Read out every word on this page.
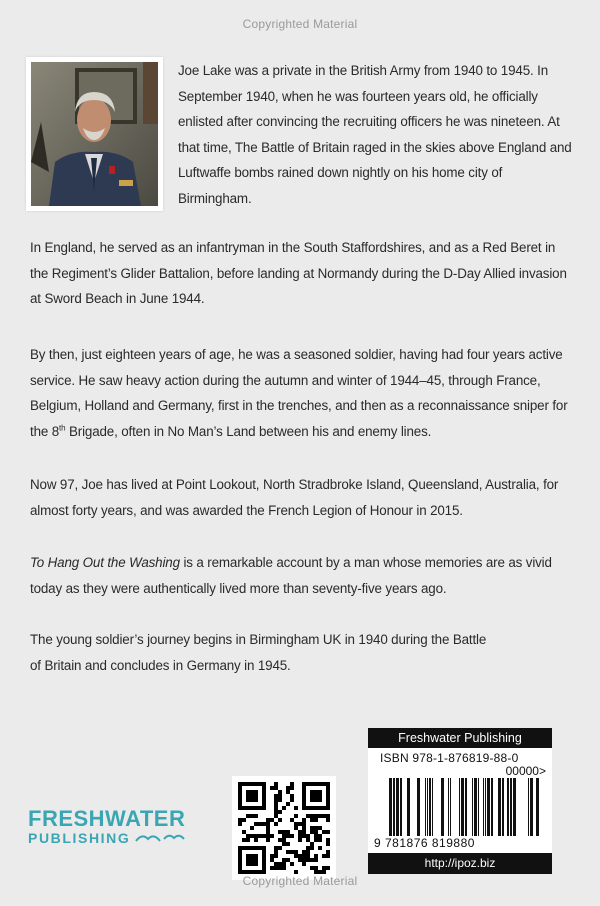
Copyrighted Material
Joe Lake was a private in the British Army from 1940 to 1945. In September 1940, when he was fourteen years old, he officially enlisted after convincing the recruiting officers he was nineteen. At that time, The Battle of Britain raged in the skies above England and Luftwaffe bombs rained down nightly on his home city of Birmingham.
In England, he served as an infantryman in the South Staffordshires, and as a Red Beret in the Regiment’s Glider Battalion, before landing at Normandy during the D-Day Allied invasion at Sword Beach in June 1944.
By then, just eighteen years of age, he was a seasoned soldier, having had four years active service. He saw heavy action during the autumn and winter of 1944–45, through France, Belgium, Holland and Germany, first in the trenches, and then as a reconnaissance sniper for the 8th Brigade, often in No Man’s Land between his and enemy lines.
Now 97, Joe has lived at Point Lookout, North Stradbroke Island, Queensland, Australia, for almost forty years, and was awarded the French Legion of Honour in 2015.
To Hang Out the Washing is a remarkable account by a man whose memories are as vivid today as they were authentically lived more than seventy-five years ago.
The young soldier’s journey begins in Birmingham UK in 1940 during the Battle of Britain and concludes in Germany in 1945.
FRESHWATER
PUBLISHING
Freshwater Publishing
ISBN 978-1-876819-88-0
00000>
9 781876 819880
http://ipoz.biz
Copyrighted Material
